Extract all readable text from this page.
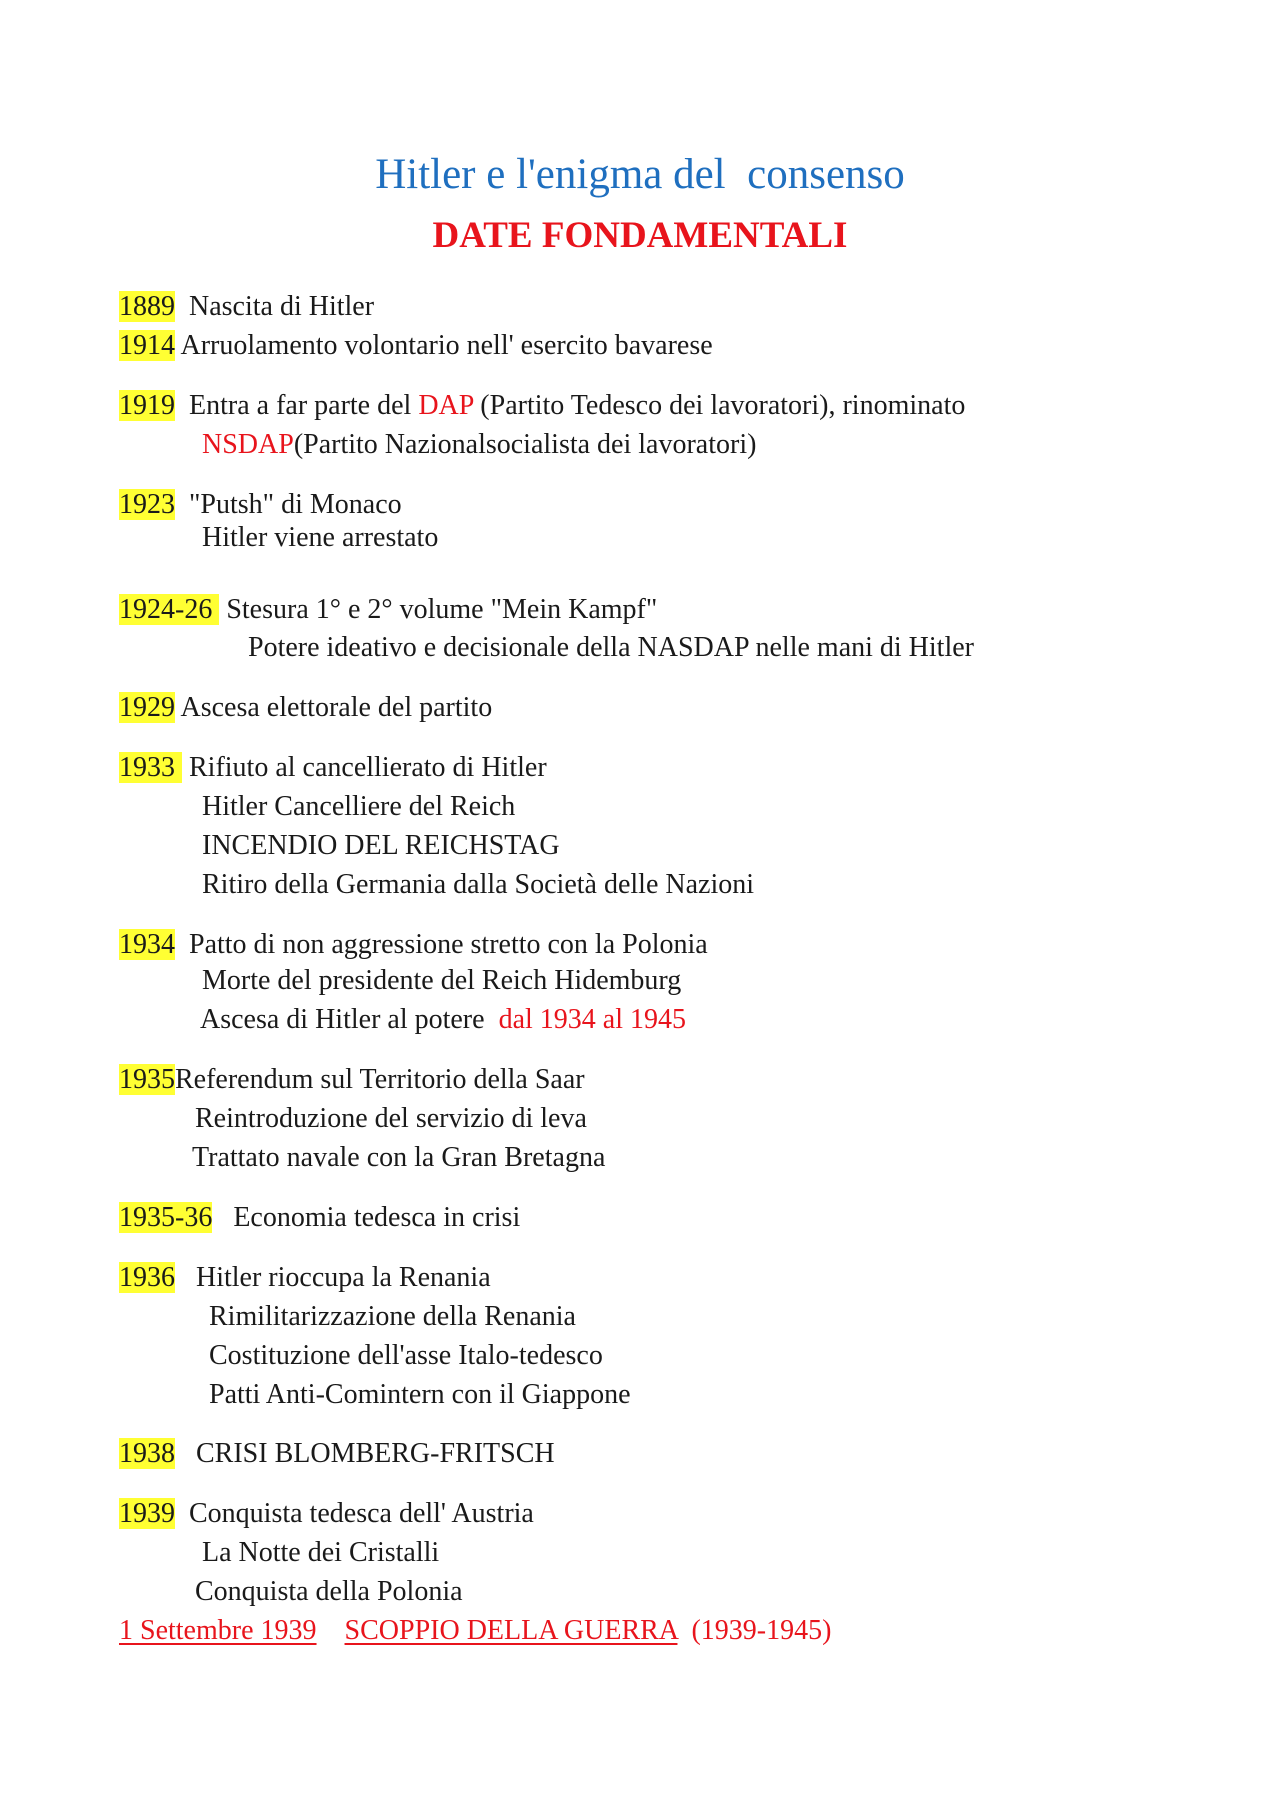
Hitler e l'enigma del  consenso
DATE FONDAMENTALI
1889 Nascita di Hitler
1914 Arruolamento volontario nell' esercito bavarese
1919 Entra a far parte del DAP (Partito Tedesco dei lavoratori), rinominato
NSDAP(Partito Nazionalsocialista dei lavoratori)
1923 "Putsh" di Monaco
Hitler viene arrestato
1924-26  Stesura 1° e 2° volume "Mein Kampf"
Potere ideativo e decisionale della NASDAP nelle mani di Hitler
1929 Ascesa elettorale del partito
1933  Rifiuto al cancellierato di Hitler
Hitler Cancelliere del Reich
INCENDIO DEL REICHSTAG
Ritiro della Germania dalla Società delle Nazioni
1934 Patto di non aggressione stretto con la Polonia
Morte del presidente del Reich Hidemburg
Ascesa di Hitler al potere  dal 1934 al 1945
1935Referendum sul Territorio della Saar
Reintroduzione del servizio di leva
Trattato navale con la Gran Bretagna
1935-36 Economia tedesca in crisi
1936 Hitler rioccupa la Renania
Rimilitarizzazione della Renania
Costituzione dell'asse Italo-tedesco
Patti Anti-Comintern con il Giappone
1938 CRISI BLOMBERG-FRITSCH
1939 Conquista tedesca dell' Austria
La Notte dei Cristalli
Conquista della Polonia
1 Settembre 1939 SCOPPIO DELLA GUERRA (1939-1945)
